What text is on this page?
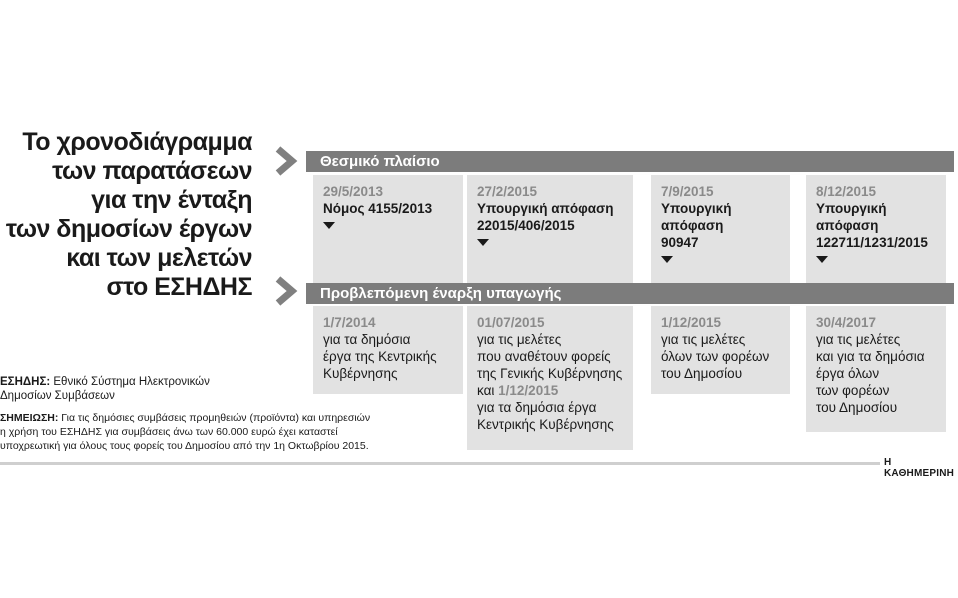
Το χρονοδιάγραμμα
των παρατάσεων
για την ένταξη
των δημοσίων έργων
και των μελετών
στο ΕΣΗΔΗΣ
Θεσμικό πλαίσιο
29/5/2013
Νόμος 4155/2013
27/2/2015
Υπουργική απόφαση
22015/406/2015
7/9/2015
Υπουργική
απόφαση
90947
8/12/2015
Υπουργική
απόφαση
122711/1231/2015
Προβλεπόμενη έναρξη υπαγωγής
1/7/2014
για τα δημόσια
έργα της Κεντρικής
Κυβέρνησης
01/07/2015
για τις μελέτες
που αναθέτουν φορείς
της Γενικής Κυβέρνησης
και 1/12/2015
για τα δημόσια έργα
Κεντρικής Κυβέρνησης
1/12/2015
για τις μελέτες
όλων των φορέων
του Δημοσίου
30/4/2017
για τις μελέτες
και για τα δημόσια
έργα όλων
των φορέων
του Δημοσίου
ΕΣΗΔΗΣ: Εθνικό Σύστημα Ηλεκτρονικών
Δημοσίων Συμβάσεων
ΣΗΜΕΙΩΣΗ: Για τις δημόσιες συμβάσεις προμηθειών (προϊόντα) και υπηρεσιών
η χρήση του ΕΣΗΔΗΣ για συμβάσεις άνω των 60.000 ευρώ έχει καταστεί
υποχρεωτική για όλους τους φορείς του Δημοσίου από την 1η Οκτωβρίου 2015.
Η ΚΑΘΗΜΕΡΙΝΗ
